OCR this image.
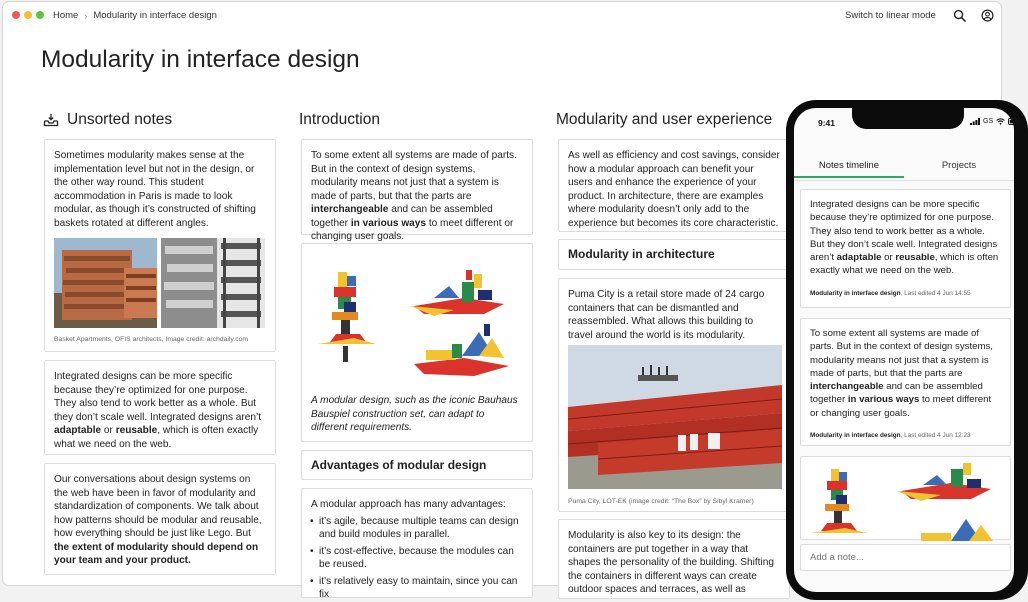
Home › Modularity in interface design	Switch to linear mode
Modularity in interface design
Unsorted notes
Sometimes modularity makes sense at the implementation level but not in the design, or the other way round. This student accommodation in Paris is made to look modular, as though it’s constructed of shifting baskets rotated at different angles.
Basket Apartments, OFIS architects, Image credit: archdaily.com
Integrated designs can be more specific because they’re optimized for one purpose. They also tend to work better as a whole. But they don’t scale well. Integrated designs aren’t adaptable or reusable, which is often exactly what we need on the web.
Our conversations about design systems on the web have been in favor of modularity and standardization of components. We talk about how patterns should be modular and reusable, how everything should be just like Lego. But the extent of modularity should depend on your team and your product.
Introduction
To some extent all systems are made of parts. But in the context of design systems, modularity means not just that a system is made of parts, but that the parts are interchangeable and can be assembled together in various ways to meet different or changing user goals.
A modular design, such as the iconic Bauhaus Bauspiel construction set, can adapt to different requirements.
Advantages of modular design
A modular approach has many advantages:
• it’s agile, because multiple teams can design and build modules in parallel.
• it’s cost-effective, because the modules can be reused.
• it’s relatively easy to maintain, since you can fix
Modularity and user experience
As well as efficiency and cost savings, consider how a modular approach can benefit your users and enhance the experience of your product. In architecture, there are examples where modularity doesn’t only add to the experience but becomes its core characteristic.
Modularity in architecture
Puma City is a retail store made of 24 cargo containers that can be dismantled and reassembled. What allows this building to travel around the world is its modularity.
Puma City, LOT-EK (image credit: “The Box” by Sibyl Kramer)
Modularity is also key to its design: the containers are put together in a way that shapes the personality of the building. Shifting the containers in different ways can create outdoor spaces and terraces, as well as
9:41	GS
Notes timeline	Projects
Integrated designs can be more specific because they’re optimized for one purpose. They also tend to work better as a whole. But they don’t scale well. Integrated designs aren’t adaptable or reusable, which is often exactly what we need on the web.
Modularity in interface design, Last edited 4 Jun 14:55
To some extent all systems are made of parts. But in the context of design systems, modularity means not just that a system is made of parts, but that the parts are interchangeable and can be assembled together in various ways to meet different or changing user goals.
Modularity in interface design, Last edited 4 Jun 12:23
Add a note...
